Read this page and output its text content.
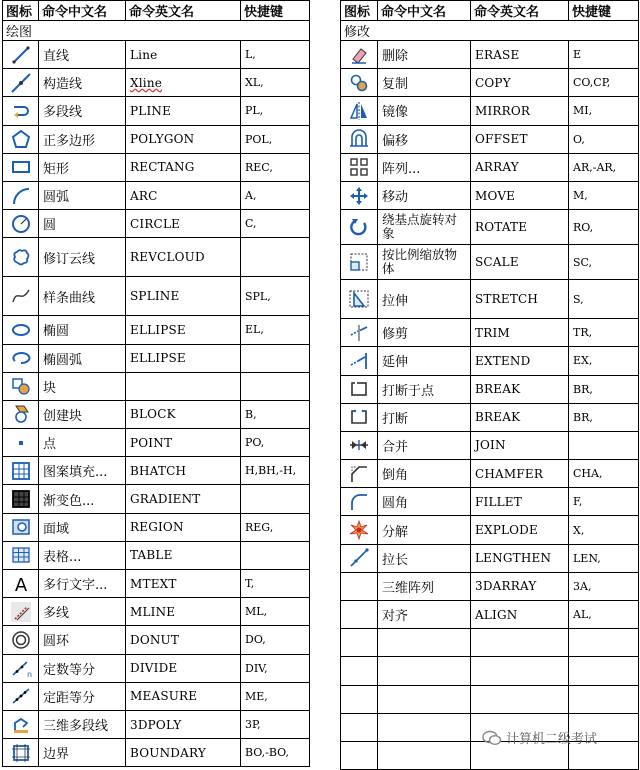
图标	命令中文名	命令英文名	快捷键
绘图			

	直线	Line	L,

	构造线	Xline	XL,

	多段线	PLINE	PL,

	正多边形	POLYGON	POL,

	矩形	RECTANG	REC,

	圆弧	ARC	A,

	圆	CIRCLE	C,

	修订云线	REVCLOUD	

	样条曲线	SPLINE	SPL,

	椭圆	ELLIPSE	EL,

	椭圆弧	ELLIPSE	

	块		

	创建块	BLOCK	B,

	点	POINT	PO,

	图案填充...	BHATCH	H,BH,-H,

	渐变色...	GRADIENT	

	面域	REGION	REG,

	表格...	TABLE	

A	多行文字...	MTEXT	T,

	多线	MLINE	ML,

	圆环	DONUT	DO,

n	定数等分	DIVIDE	DIV,

	定距等分	MEASURE	ME,

	三维多段线	3DPOLY	3P,

	边界	BOUNDARY	BO,-BO,
图标	命令中文名	命令英文名	快捷键
修改			

	删除	ERASE	E

	复制	COPY	CO,CP,

	镜像	MIRROR	MI,

	偏移	OFFSET	O,

	阵列...	ARRAY	AR,-AR,

	移动	MOVE	M,

	绕基点旋转对象	ROTATE	RO,

	按比例缩放物体	SCALE	SC,

	拉伸	STRETCH	S,

	修剪	TRIM	TR,

	延伸	EXTEND	EX,

	打断于点	BREAK	BR,

	打断	BREAK	BR,

	合并	JOIN	

	倒角	CHAMFER	CHA,

	圆角	FILLET	F,

	分解	EXPLODE	X,

	拉长	LENGTHEN	LEN,
	三维阵列	3DARRAY	3A,
	对齐	ALIGN	AL,

计算机二级考试
